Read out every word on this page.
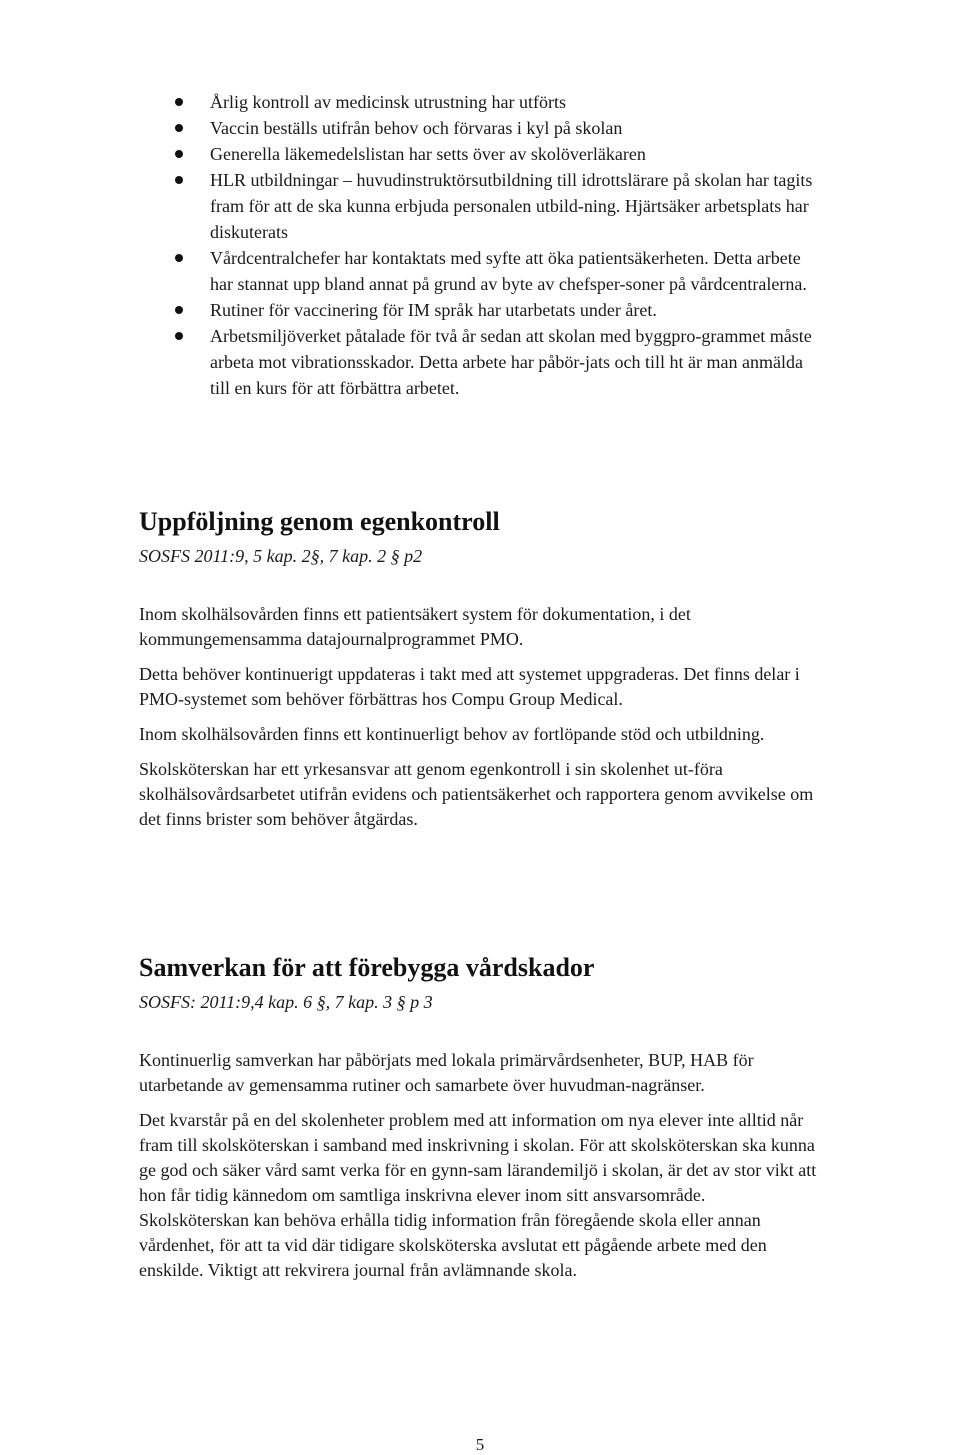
Årlig kontroll av medicinsk utrustning har utförts
Vaccin beställs utifrån behov och förvaras i kyl på skolan
Generella läkemedelslistan har setts över av skolöverläkaren
HLR utbildningar – huvudinstruktörsutbildning till idrottslärare på skolan har tagits fram för att de ska kunna erbjuda personalen utbild-ning. Hjärtsäker arbetsplats har diskuterats
Vårdcentralchefer har kontaktats med syfte att öka patientsäkerheten. Detta arbete har stannat upp bland annat på grund av byte av chefsper-soner på vårdcentralerna.
Rutiner för vaccinering för IM språk har utarbetats under året.
Arbetsmiljöverket påtalade för två år sedan att skolan med byggpro-grammet måste arbeta mot vibrationsskador. Detta arbete har påbör-jats och till ht är man anmälda till en kurs för att förbättra arbetet.
Uppföljning genom egenkontroll

SOSFS 2011:9, 5 kap. 2§, 7 kap. 2 § p2

Inom skolhälsovården finns ett patientsäkert system för dokumentation, i det kommungemensamma datajournalprogrammet PMO.

Detta behöver kontinuerigt uppdateras i takt med att systemet uppgraderas. Det finns delar i PMO-systemet som behöver förbättras hos Compu Group Medical.

Inom skolhälsovården finns ett kontinuerligt behov av fortlöpande stöd och utbildning.

Skolsköterskan har ett yrkesansvar att genom egenkontroll i sin skolenhet ut-föra skolhälsovårdsarbetet utifrån evidens och patientsäkerhet och rapportera genom avvikelse om det finns brister som behöver åtgärdas.

Samverkan för att förebygga vårdskador

SOSFS: 2011:9,4 kap. 6 §, 7 kap. 3 § p 3

Kontinuerlig samverkan har påbörjats med lokala primärvårdsenheter, BUP, HAB för utarbetande av gemensamma rutiner och samarbete över huvudman-nagränser.

Det kvarstår på en del skolenheter problem med att information om nya elever inte alltid når fram till skolsköterskan i samband med inskrivning i skolan. För att skolsköterskan ska kunna ge god och säker vård samt verka för en gynn-sam lärandemiljö i skolan, är det av stor vikt att hon får tidig kännedom om samtliga inskrivna elever inom sitt ansvarsområde. Skolsköterskan kan behöva erhålla tidig information från föregående skola eller annan vårdenhet, för att ta vid där tidigare skolsköterska avslutat ett pågående arbete med den enskilde. Viktigt att rekvirera journal från avlämnande skola.

5
